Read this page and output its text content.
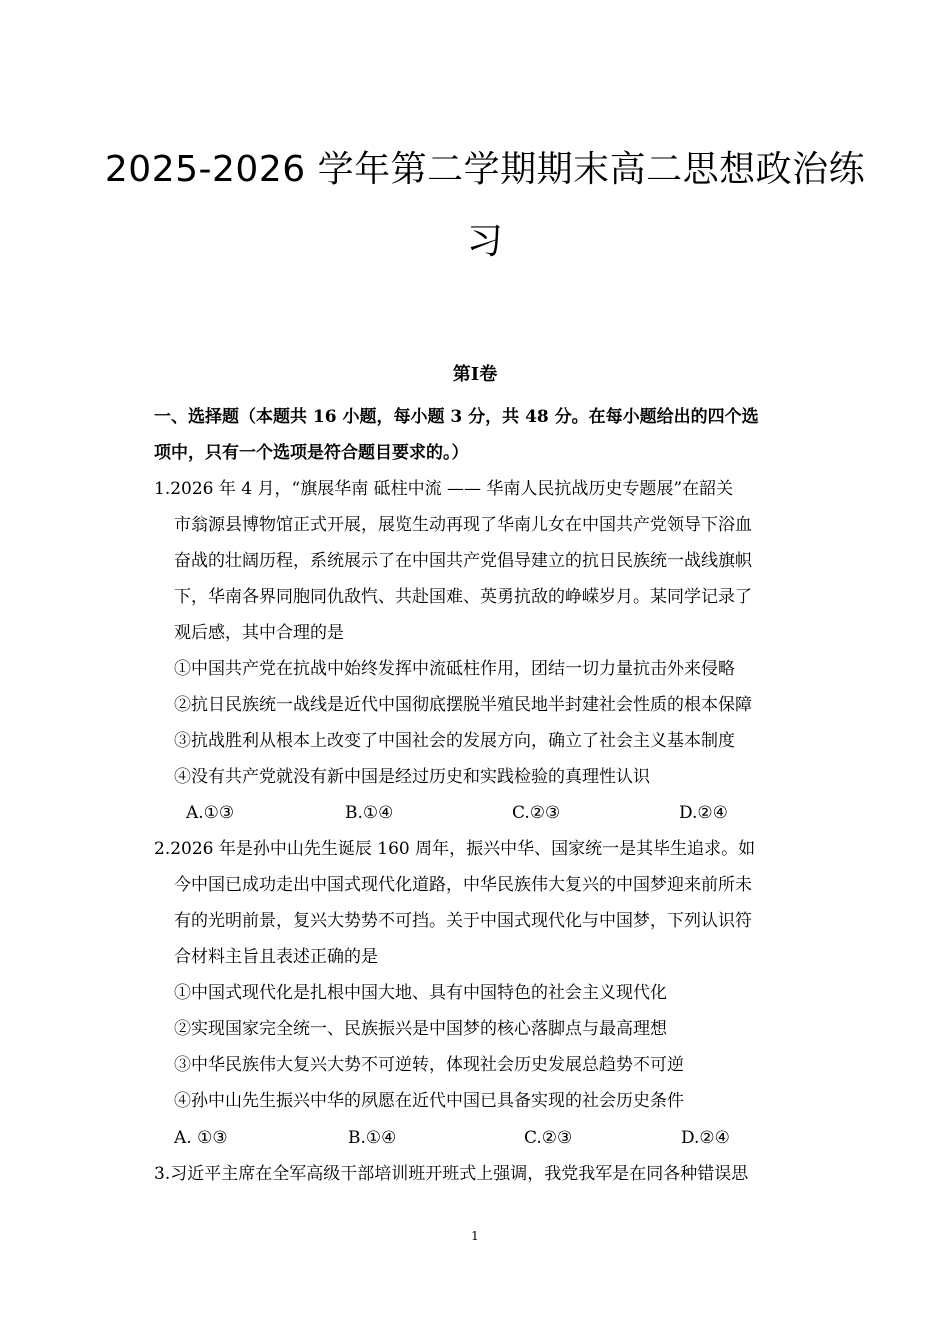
2025-2026 学年第二学期期末高二思想政治练
习
第Ⅰ卷
一、选择题（本题共 16 小题，每小题 3 分，共 48 分。在每小题给出的四个选
项中，只有一个选项是符合题目要求的。）
1.2026 年 4 月，“旗展华南 砥柱中流 —— 华南人民抗战历史专题展”在韶关
市翁源县博物馆正式开展，展览生动再现了华南儿女在中国共产党领导下浴血
奋战的壮阔历程，系统展示了在中国共产党倡导建立的抗日民族统一战线旗帜
下，华南各界同胞同仇敌忾、共赴国难、英勇抗敌的峥嵘岁月。某同学记录了
观后感，其中合理的是
①中国共产党在抗战中始终发挥中流砥柱作用，团结一切力量抗击外来侵略
②抗日民族统一战线是近代中国彻底摆脱半殖民地半封建社会性质的根本保障
③抗战胜利从根本上改变了中国社会的发展方向，确立了社会主义基本制度
④没有共产党就没有新中国是经过历史和实践检验的真理性认识
A.①③	B.①④	C.②③	D.②④
2.2026 年是孙中山先生诞辰 160 周年，振兴中华、国家统一是其毕生追求。如
今中国已成功走出中国式现代化道路，中华民族伟大复兴的中国梦迎来前所未
有的光明前景，复兴大势势不可挡。关于中国式现代化与中国梦，下列认识符
合材料主旨且表述正确的是
①中国式现代化是扎根中国大地、具有中国特色的社会主义现代化
②实现国家完全统一、民族振兴是中国梦的核心落脚点与最高理想
③中华民族伟大复兴大势不可逆转，体现社会历史发展总趋势不可逆
④孙中山先生振兴中华的夙愿在近代中国已具备实现的社会历史条件
A. ①③	B.①④	C.②③	D.②④
3.习近平主席在全军高级干部培训班开班式上强调，我党我军是在同各种错误思
1
